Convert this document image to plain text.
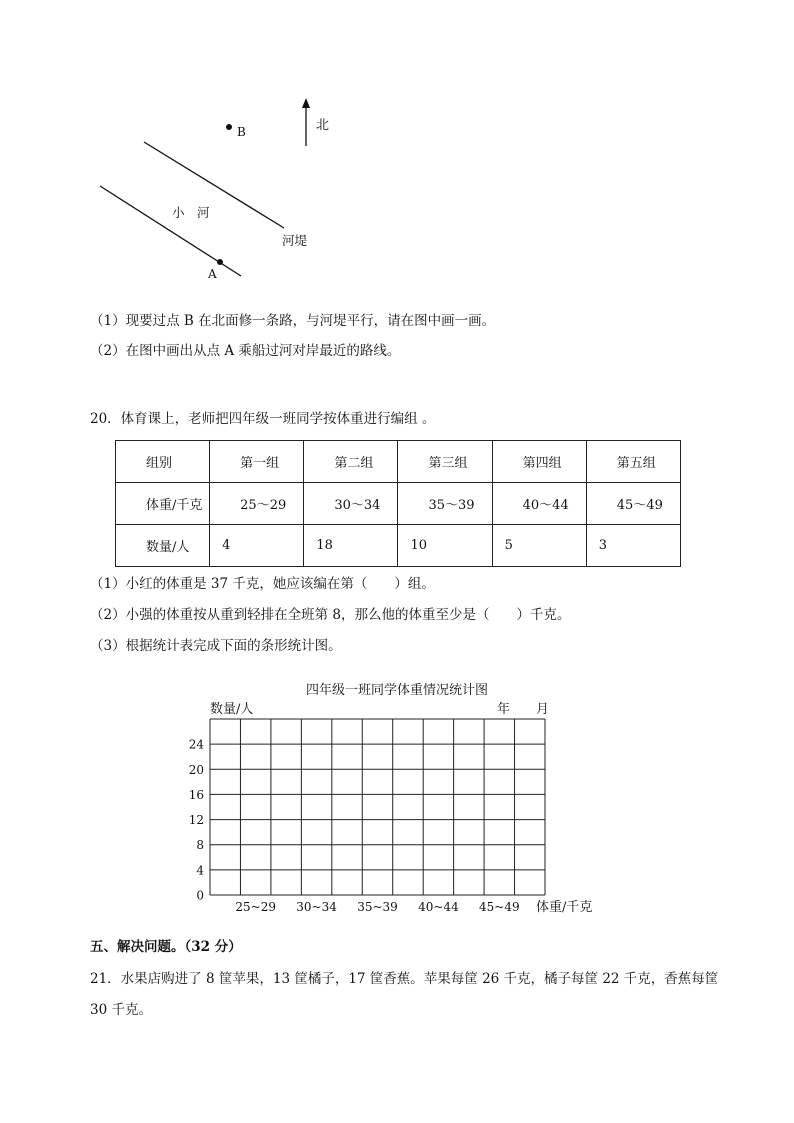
B	北
小　河
河堤
A
（1）现要过点 B 在北面修一条路，与河堤平行，请在图中画一画。
（2）在图中画出从点 A 乘船过河对岸最近的路线。
20．体育课上，老师把四年级一班同学按体重进行编组 。
组别	第一组	第二组	第三组	第四组	第五组
体重/千克	25～29	30～34	35～39	40～44	45～49
数量/人	4	18	10	5	3
（1）小红的体重是 37 千克，她应该编在第（　　）组。
（2）小强的体重按从重到轻排在全班第 8，那么他的体重至少是（　　）千克。
（3）根据统计表完成下面的条形统计图。
四年级一班同学体重情况统计图
数量/人	年　　月
体重/千克
0
4
8
12
16
20
24
25~29 30~34 35~39 40~44 45~49
五、解决问题。（32 分）
21．水果店购进了 8 筐苹果，13 筐橘子，17 筐香蕉。苹果每筐 26 千克，橘子每筐 22 千克，香蕉每筐
30 千克。
